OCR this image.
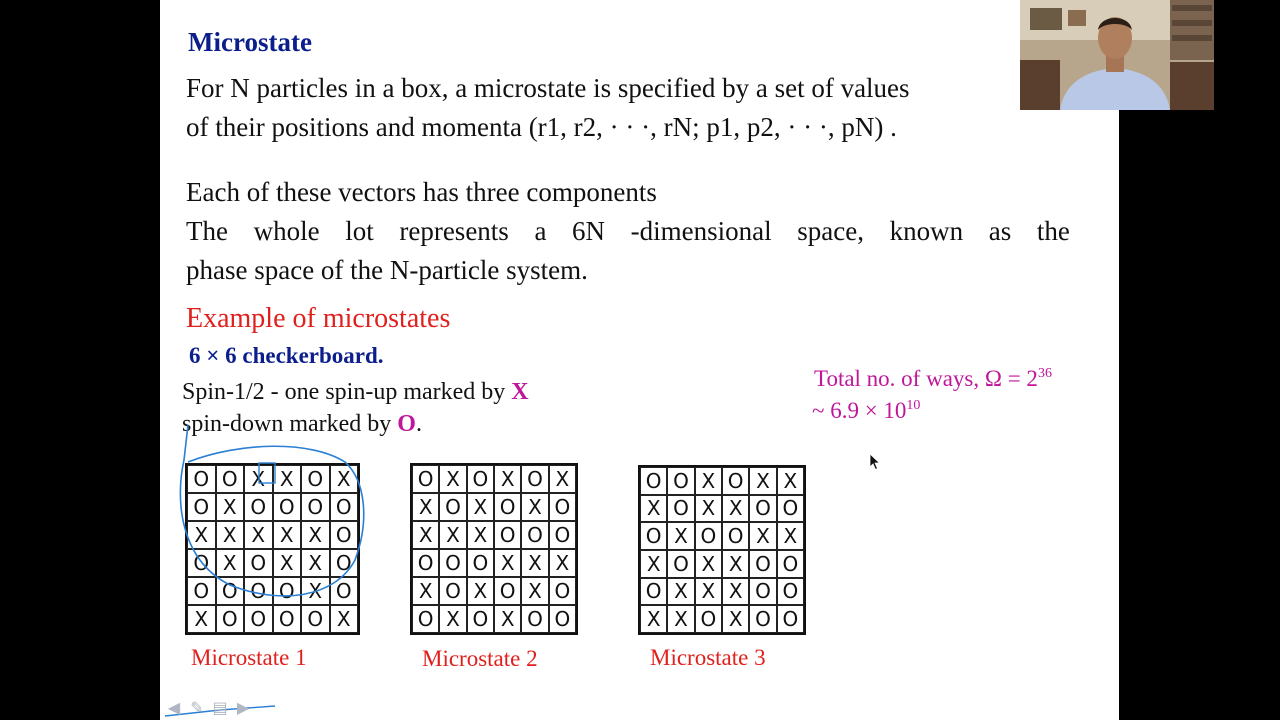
Microstate
For N particles in a box, a microstate is specified by a set of values
of their positions and momenta (r1, r2, · · ·, rN; p1, p2, · · ·, pN) .
Each of these vectors has three components
The whole lot represents a 6N -dimensional space, known as the
phase space of the N-particle system.
Example of microstates
6 × 6 checkerboard.
Spin-1/2 - one spin-up marked by X
spin-down marked by O.
Total no. of ways, $\Omega = 2^{36}$
~ $6.9 \times 10^{10}$
O O X X O X
O X O O O O
X X X X X O
O X O X X O
O O O O X O
X O O O O X
O X O X O X
X O X O X O
X X X O O O
O O O X X X
X O X O X O
O X O X O O
O O X O X X
X O X X O O
O X O O X X
X O X X O O
O X X X O O
X X O X O O
Microstate 1	Microstate 2	Microstate 3
◀ ✎ ▤ ▶
